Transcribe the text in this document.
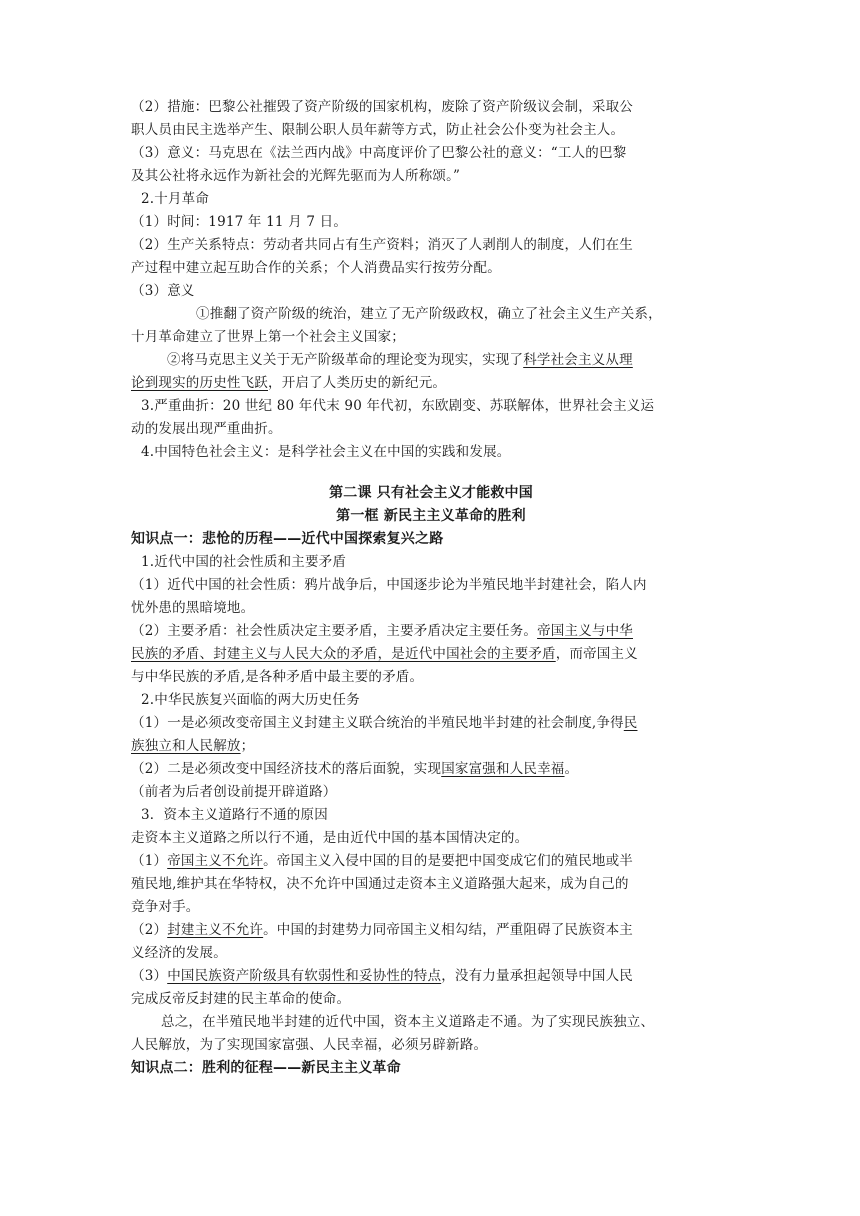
（2）措施：巴黎公社摧毁了资产阶级的国家机构，废除了资产阶级议会制，采取公
职人员由民主选举产生、限制公职人员年薪等方式，防止社会公仆变为社会主人。
（3）意义：马克思在《法兰西内战》中高度评价了巴黎公社的意义：“工人的巴黎
及其公社将永远作为新社会的光辉先驱而为人所称颂。”
2.十月革命
（1）时间：1917 年 11 月 7 日。
（2）生产关系特点：劳动者共同占有生产资料；消灭了人剥削人的制度，人们在生
产过程中建立起互助合作的关系；个人消费品实行按劳分配。
（3）意义
①推翻了资产阶级的统治，建立了无产阶级政权，确立了社会主义生产关系，
十月革命建立了世界上第一个社会主义国家；
②将马克思主义关于无产阶级革命的理论变为现实，实现了科学社会主义从理
论到现实的历史性飞跃，开启了人类历史的新纪元。
3.严重曲折：20 世纪 80 年代末 90 年代初，东欧剧变、苏联解体，世界社会主义运
动的发展出现严重曲折。
4.中国特色社会主义：是科学社会主义在中国的实践和发展。
第二课 只有社会主义才能救中国
第一框 新民主主义革命的胜利
知识点一：悲怆的历程——近代中国探索复兴之路
1.近代中国的社会性质和主要矛盾
（1）近代中国的社会性质：鸦片战争后，中国逐步论为半殖民地半封建社会，陷人内
忧外患的黑暗境地。
（2）主要矛盾：社会性质决定主要矛盾，主要矛盾决定主要任务。帝国主义与中华
民族的矛盾、封建主义与人民大众的矛盾，是近代中国社会的主要矛盾，而帝国主义
与中华民族的矛盾,是各种矛盾中最主要的矛盾。
2.中华民族复兴面临的两大历史任务
（1）一是必须改变帝国主义封建主义联合统治的半殖民地半封建的社会制度,争得民
族独立和人民解放；
（2）二是必须改变中国经济技术的落后面貌，实现国家富强和人民幸福。
（前者为后者创设前提开辟道路）
3．资本主义道路行不通的原因
走资本主义道路之所以行不通，是由近代中国的基本国情决定的。
（1）帝国主义不允许。帝国主义入侵中国的目的是要把中国变成它们的殖民地或半
殖民地,维护其在华特权，决不允许中国通过走资本主义道路强大起来，成为自己的
竞争对手。
（2）封建主义不允许。中国的封建势力同帝国主义相勾结，严重阻碍了民族资本主
义经济的发展。
（3）中国民族资产阶级具有软弱性和妥协性的特点，没有力量承担起领导中国人民
完成反帝反封建的民主革命的使命。
总之，在半殖民地半封建的近代中国，资本主义道路走不通。为了实现民族独立、
人民解放，为了实现国家富强、人民幸福，必须另辟新路。
知识点二：胜利的征程——新民主主义革命
